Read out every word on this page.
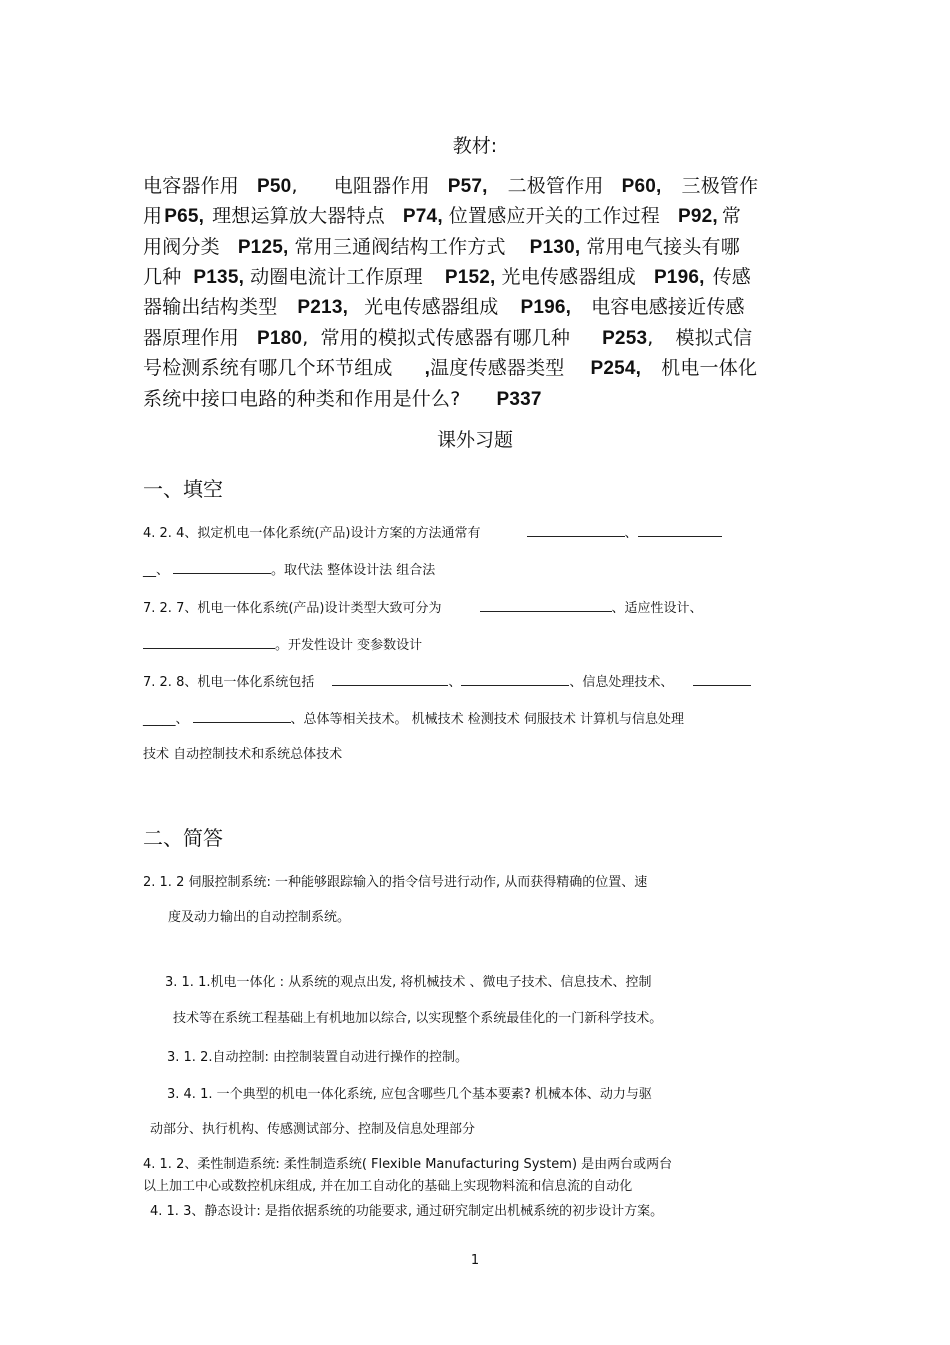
教材:
电容器作用 P50, 电阻器作用 P57, 二极管作用 P60, 三极管作
用 P65, 理想运算放大器特点 P74, 位置感应开关的工作过程 P92, 常
用阀分类 P125, 常用三通阀结构工作方式 P130, 常用电气接头有哪
几种 P135, 动圈电流计工作原理 P152, 光电传感器组成 P196, 传感
器输出结构类型 P213, 光电传感器组成 P196, 电容电感接近传感
器原理作用 P180, 常用的模拟式传感器有哪几种 P253, 模拟式信
号检测系统有哪几个环节组成 ,温度传感器类型 P254, 机电一体化
系统中接口电路的种类和作用是什么? P337
课外习题
一、填空
4. 2. 4、拟定机电一体化系统(产品)设计方案的方法通常有	、
__、	。取代法 整体设计法 组合法
7. 2. 7、机电一体化系统(产品)设计类型大致可分为	、适应性设计、
。开发性设计 变参数设计
7. 2. 8、机电一体化系统包括	、	、信息处理技术、
_____、	、总体等相关技术。 机械技术 检测技术 伺服技术 计算机与信息处理
技术 自动控制技术和系统总体技术
二、简答
2. 1. 2 伺服控制系统: 一种能够跟踪输入的指令信号进行动作, 从而获得精确的位置、速
度及动力输出的自动控制系统。
3. 1. 1.机电一体化 : 从系统的观点出发, 将机械技术 、微电子技术、信息技术、控制
技术等在系统工程基础上有机地加以综合, 以实现整个系统最佳化的一门新科学技术。
3. 1. 2.自动控制: 由控制装置自动进行操作的控制。
3. 4. 1. 一个典型的机电一体化系统, 应包含哪些几个基本要素? 机械本体、动力与驱
动部分、执行机构、传感测试部分、控制及信息处理部分
4. 1. 2、柔性制造系统: 柔性制造系统( Flexible Manufacturing System) 是由两台或两台
以上加工中心或数控机床组成, 并在加工自动化的基础上实现物料流和信息流的自动化
4. 1. 3、静态设计: 是指依据系统的功能要求, 通过研究制定出机械系统的初步设计方案。
1
